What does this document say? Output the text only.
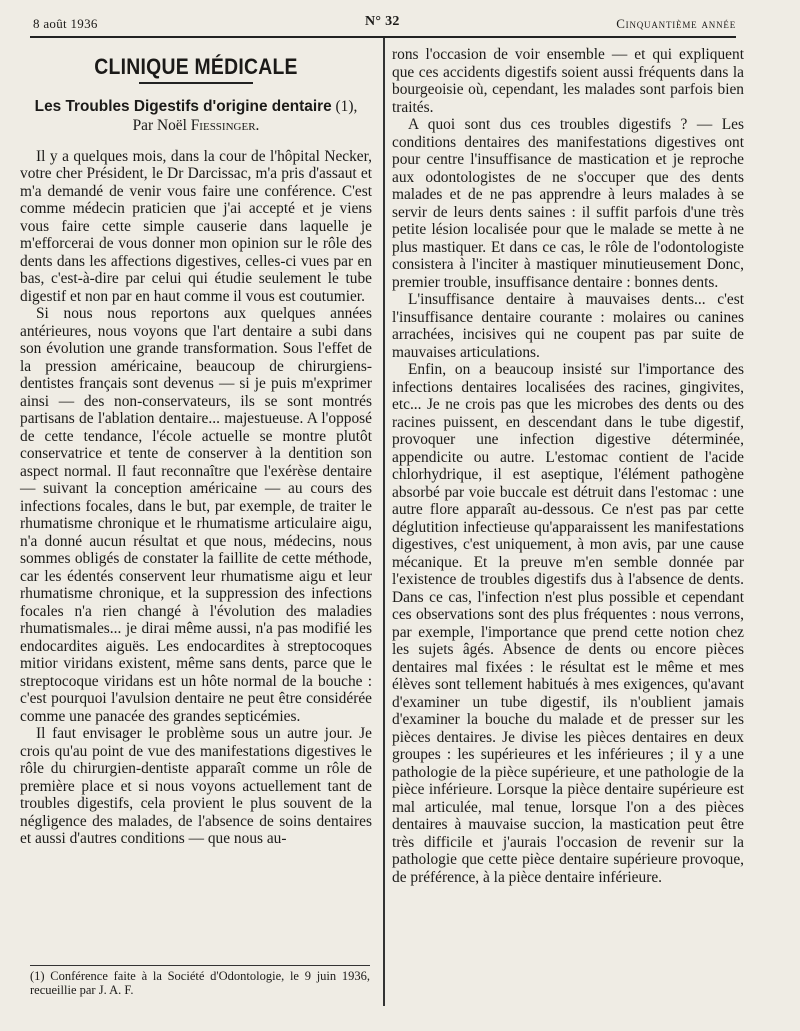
8 août 1936	N° 32	Cinquantième année
CLINIQUE MÉDICALE
Les Troubles Digestifs d'origine dentaire (1),
Par Noël Fiessinger.

Il y a quelques mois, dans la cour de l'hôpital Necker, votre cher Président, le Dr Darcissac, m'a pris d'assaut et m'a demandé de venir vous faire une conférence. C'est comme médecin praticien que j'ai accepté et je viens vous faire cette simple causerie dans laquelle je m'efforcerai de vous donner mon opinion sur le rôle des dents dans les affections digestives, celles-ci vues par en bas, c'est-à-dire par celui qui étudie seulement le tube digestif et non par en haut comme il vous est coutumier.

Si nous nous reportons aux quelques années antérieures, nous voyons que l'art dentaire a subi dans son évolution une grande transformation. Sous l'effet de la pression américaine, beaucoup de chirurgiens-dentistes français sont devenus — si je puis m'exprimer ainsi — des non-conservateurs, ils se sont montrés partisans de l'ablation dentaire... majestueuse. A l'opposé de cette tendance, l'école actuelle se montre plutôt conservatrice et tente de conserver à la dentition son aspect normal. Il faut reconnaître que l'exérèse dentaire — suivant la conception américaine — au cours des infections focales, dans le but, par exemple, de traiter le rhumatisme chronique et le rhumatisme articulaire aigu, n'a donné aucun résultat et que nous, médecins, nous sommes obligés de constater la faillite de cette méthode, car les édentés conservent leur rhumatisme aigu et leur rhumatisme chronique, et la suppression des infections focales n'a rien changé à l'évolution des maladies rhumatismales... je dirai même aussi, n'a pas modifié les endocardites aiguës. Les endocardites à streptocoques mitior viridans existent, même sans dents, parce que le streptocoque viridans est un hôte normal de la bouche : c'est pourquoi l'avulsion dentaire ne peut être considérée comme une panacée des grandes septicémies.

Il faut envisager le problème sous un autre jour. Je crois qu'au point de vue des manifestations digestives le rôle du chirurgien-dentiste apparaît comme un rôle de première place et si nous voyons actuellement tant de troubles digestifs, cela provient le plus souvent de la négligence des malades, de l'absence de soins dentaires et aussi d'autres conditions — que nous au-

rons l'occasion de voir ensemble — et qui expliquent que ces accidents digestifs soient aussi fréquents dans la bourgeoisie où, cependant, les malades sont parfois bien traités.

A quoi sont dus ces troubles digestifs ? — Les conditions dentaires des manifestations digestives ont pour centre l'insuffisance de mastication et je reproche aux odontologistes de ne s'occuper que des dents malades et de ne pas apprendre à leurs malades à se servir de leurs dents saines : il suffit parfois d'une très petite lésion localisée pour que le malade se mette à ne plus mastiquer. Et dans ce cas, le rôle de l'odontologiste consistera à l'inciter à mastiquer minutieusement Donc, premier trouble, insuffisance dentaire : bonnes dents.

L'insuffisance dentaire à mauvaises dents... c'est l'insuffisance dentaire courante : molaires ou canines arrachées, incisives qui ne coupent pas par suite de mauvaises articulations.

Enfin, on a beaucoup insisté sur l'importance des infections dentaires localisées des racines, gingivites, etc... Je ne crois pas que les microbes des dents ou des racines puissent, en descendant dans le tube digestif, provoquer une infection digestive déterminée, appendicite ou autre. L'estomac contient de l'acide chlorhydrique, il est aseptique, l'élément pathogène absorbé par voie buccale est détruit dans l'estomac : une autre flore apparaît au-dessous. Ce n'est pas par cette déglutition infectieuse qu'apparaissent les manifestations digestives, c'est uniquement, à mon avis, par une cause mécanique. Et la preuve m'en semble donnée par l'existence de troubles digestifs dus à l'absence de dents. Dans ce cas, l'infection n'est plus possible et cependant ces observations sont des plus fréquentes : nous verrons, par exemple, l'importance que prend cette notion chez les sujets âgés. Absence de dents ou encore pièces dentaires mal fixées : le résultat est le même et mes élèves sont tellement habitués à mes exigences, qu'avant d'examiner un tube digestif, ils n'oublient jamais d'examiner la bouche du malade et de presser sur les pièces dentaires. Je divise les pièces dentaires en deux groupes : les supérieures et les inférieures ; il y a une pathologie de la pièce supérieure, et une pathologie de la pièce inférieure. Lorsque la pièce dentaire supérieure est mal articulée, mal tenue, lorsque l'on a des pièces dentaires à mauvaise succion, la mastication peut être très difficile et j'aurais l'occasion de revenir sur la pathologie que cette pièce dentaire supérieure provoque, de préférence, à la pièce dentaire inférieure.

(1) Conférence faite à la Société d'Odontologie, le 9 juin 1936, recueillie par J. A. F.
